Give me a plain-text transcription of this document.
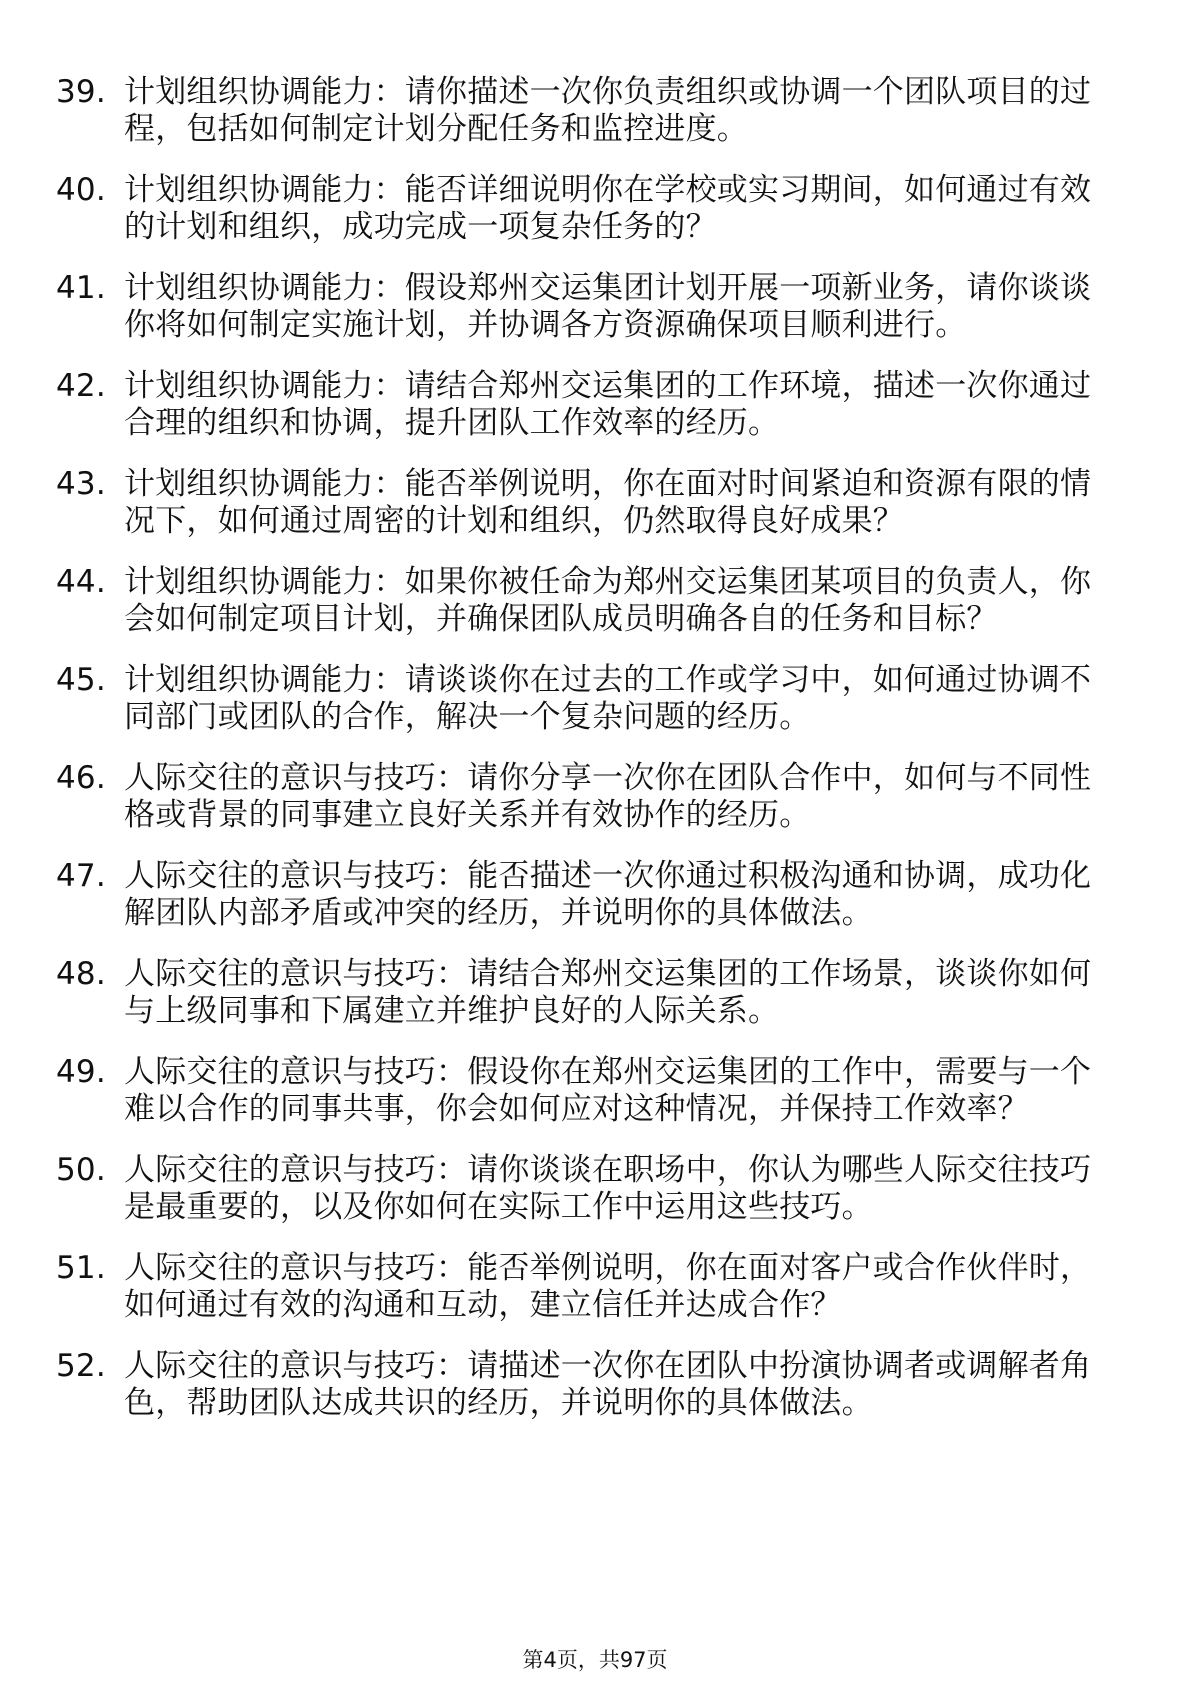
39. 计划组织协调能力：请你描述一次你负责组织或协调一个团队项目的过程，包括如何制定计划分配任务和监控进度。
40. 计划组织协调能力：能否详细说明你在学校或实习期间，如何通过有效的计划和组织，成功完成一项复杂任务的？
41. 计划组织协调能力：假设郑州交运集团计划开展一项新业务，请你谈谈你将如何制定实施计划，并协调各方资源确保项目顺利进行。
42. 计划组织协调能力：请结合郑州交运集团的工作环境，描述一次你通过合理的组织和协调，提升团队工作效率的经历。
43. 计划组织协调能力：能否举例说明，你在面对时间紧迫和资源有限的情况下，如何通过周密的计划和组织，仍然取得良好成果？
44. 计划组织协调能力：如果你被任命为郑州交运集团某项目的负责人，你会如何制定项目计划，并确保团队成员明确各自的任务和目标？
45. 计划组织协调能力：请谈谈你在过去的工作或学习中，如何通过协调不同部门或团队的合作，解决一个复杂问题的经历。
46. 人际交往的意识与技巧：请你分享一次你在团队合作中，如何与不同性格或背景的同事建立良好关系并有效协作的经历。
47. 人际交往的意识与技巧：能否描述一次你通过积极沟通和协调，成功化解团队内部矛盾或冲突的经历，并说明你的具体做法。
48. 人际交往的意识与技巧：请结合郑州交运集团的工作场景，谈谈你如何与上级同事和下属建立并维护良好的人际关系。
49. 人际交往的意识与技巧：假设你在郑州交运集团的工作中，需要与一个难以合作的同事共事，你会如何应对这种情况，并保持工作效率？
50. 人际交往的意识与技巧：请你谈谈在职场中，你认为哪些人际交往技巧是最重要的，以及你如何在实际工作中运用这些技巧。
51. 人际交往的意识与技巧：能否举例说明，你在面对客户或合作伙伴时，如何通过有效的沟通和互动，建立信任并达成合作？
52. 人际交往的意识与技巧：请描述一次你在团队中扮演协调者或调解者角色，帮助团队达成共识的经历，并说明你的具体做法。
第4页，共97页
